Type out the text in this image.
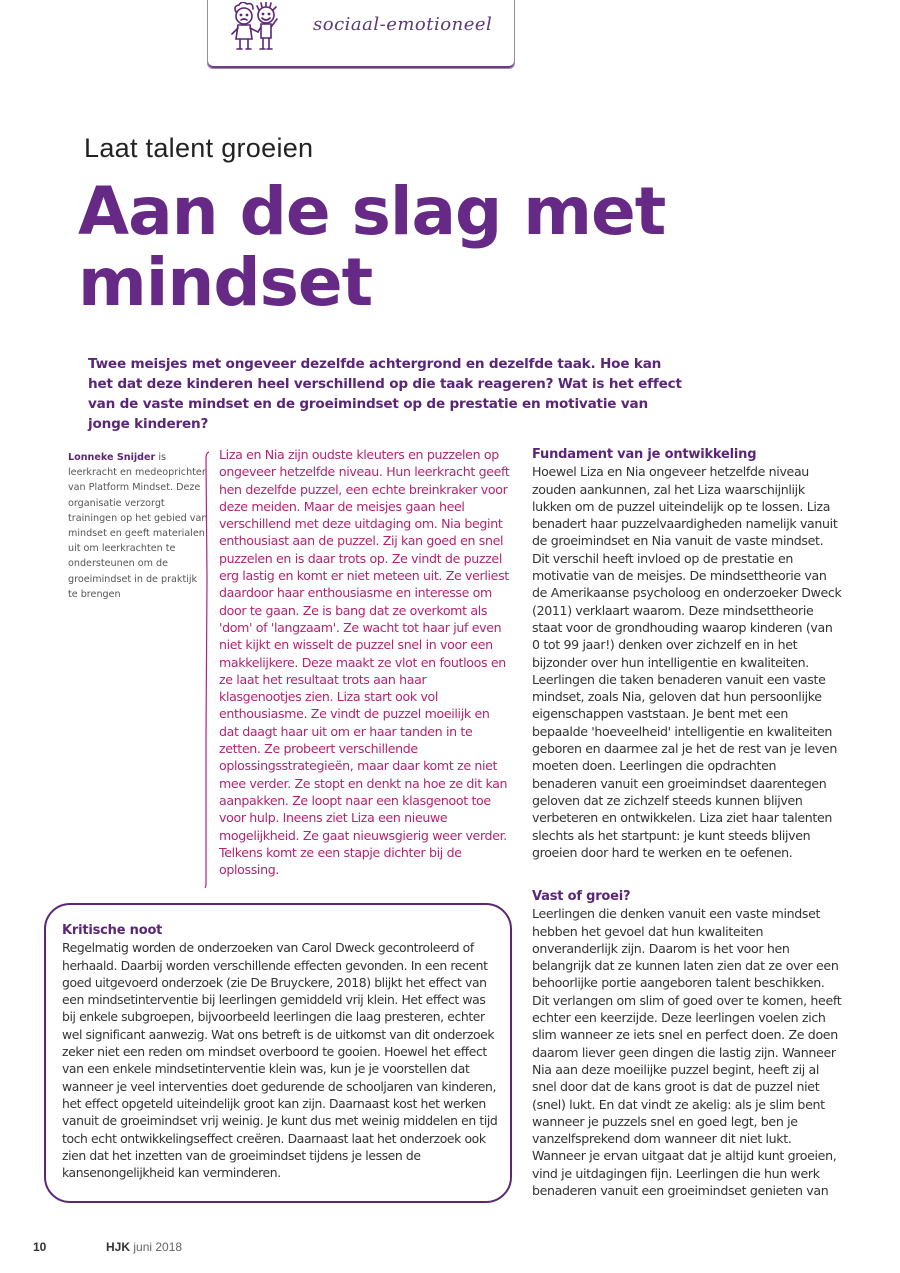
sociaal-emotioneel
Laat talent groeien
Aan de slag met
mindset
Twee meisjes met ongeveer dezelfde achtergrond en dezelfde taak. Hoe kan het dat deze kinderen heel verschillend op die taak reageren? Wat is het effect van de vaste mindset en de groeimindset op de prestatie en motivatie van jonge kinderen?
Lonneke Snijder is leerkracht en medeoprichter van Platform Mindset. Deze organisatie verzorgt trainingen op het gebied van mindset en geeft materialen uit om leerkrachten te ondersteunen om de groeimindset in de praktijk te brengen
Liza en Nia zijn oudste kleuters en puzzelen op ongeveer hetzelfde niveau. Hun leerkracht geeft hen dezelfde puzzel, een echte breinkraker voor deze meiden. Maar de meisjes gaan heel verschillend met deze uitdaging om. Nia begint enthousiast aan de puzzel. Zij kan goed en snel puzzelen en is daar trots op. Ze vindt de puzzel erg lastig en komt er niet meteen uit. Ze verliest daardoor haar enthousiasme en interesse om door te gaan. Ze is bang dat ze overkomt als 'dom' of 'langzaam'. Ze wacht tot haar juf even niet kijkt en wisselt de puzzel snel in voor een makkelijkere. Deze maakt ze vlot en foutloos en ze laat het resultaat trots aan haar klasgenootjes zien. Liza start ook vol enthousiasme. Ze vindt de puzzel moeilijk en dat daagt haar uit om er haar tanden in te zetten. Ze probeert verschillende oplossingsstrategieën, maar daar komt ze niet mee verder. Ze stopt en denkt na hoe ze dit kan aanpakken. Ze loopt naar een klasgenoot toe voor hulp. Ineens ziet Liza een nieuwe mogelijkheid. Ze gaat nieuwsgierig weer verder. Telkens komt ze een stapje dichter bij de oplossing.
Fundament van je ontwikkeling

Hoewel Liza en Nia ongeveer hetzelfde niveau zouden aankunnen, zal het Liza waarschijnlijk lukken om de puzzel uiteindelijk op te lossen. Liza benadert haar puzzelvaardigheden namelijk vanuit de groeimindset en Nia vanuit de vaste mindset. Dit verschil heeft invloed op de prestatie en motivatie van de meisjes. De mindsettheorie van de Amerikaanse psycholoog en onderzoeker Dweck (2011) verklaart waarom. Deze mindsettheorie staat voor de grondhouding waarop kinderen (van 0 tot 99 jaar!) denken over zichzelf en in het bijzonder over hun intelligentie en kwaliteiten. Leerlingen die taken benaderen vanuit een vaste mindset, zoals Nia, geloven dat hun persoonlijke eigenschappen vaststaan. Je bent met een bepaalde 'hoeveelheid' intelligentie en kwaliteiten geboren en daarmee zal je het de rest van je leven moeten doen. Leerlingen die opdrachten benaderen vanuit een groeimindset daarentegen geloven dat ze zichzelf steeds kunnen blijven verbeteren en ontwikkelen. Liza ziet haar talenten slechts als het startpunt: je kunt steeds blijven groeien door hard te werken en te oefenen.

Vast of groei?

Leerlingen die denken vanuit een vaste mindset hebben het gevoel dat hun kwaliteiten onveranderlijk zijn. Daarom is het voor hen belangrijk dat ze kunnen laten zien dat ze over een behoorlijke portie aangeboren talent beschikken. Dit verlangen om slim of goed over te komen, heeft echter een keerzijde. Deze leerlingen voelen zich slim wanneer ze iets snel en perfect doen. Ze doen daarom liever geen dingen die lastig zijn. Wanneer Nia aan deze moeilijke puzzel begint, heeft zij al snel door dat de kans groot is dat de puzzel niet (snel) lukt. En dat vindt ze akelig: als je slim bent wanneer je puzzels snel en goed legt, ben je vanzelfsprekend dom wanneer dit niet lukt.

Wanneer je ervan uitgaat dat je altijd kunt groeien, vind je uitdagingen fijn. Leerlingen die hun werk benaderen vanuit een groeimindset genieten van

Kritische noot

Regelmatig worden de onderzoeken van Carol Dweck gecontroleerd of herhaald. Daarbij worden verschillende effecten gevonden. In een recent goed uitgevoerd onderzoek (zie De Bruyckere, 2018) blijkt het effect van een mindsetinterventie bij leerlingen gemiddeld vrij klein. Het effect was bij enkele subgroepen, bijvoorbeeld leerlingen die laag presteren, echter wel significant aanwezig. Wat ons betreft is de uitkomst van dit onderzoek zeker niet een reden om mindset overboord te gooien. Hoewel het effect van een enkele mindsetinterventie klein was, kun je je voorstellen dat wanneer je veel interventies doet gedurende de schooljaren van kinderen, het effect opgeteld uiteindelijk groot kan zijn. Daarnaast kost het werken vanuit de groeimindset vrij weinig. Je kunt dus met weinig middelen en tijd toch echt ontwikkelingseffect creëren. Daarnaast laat het onderzoek ook zien dat het inzetten van de groeimindset tijdens je lessen de kansenongelijkheid kan verminderen.

10	HJK juni 2018
